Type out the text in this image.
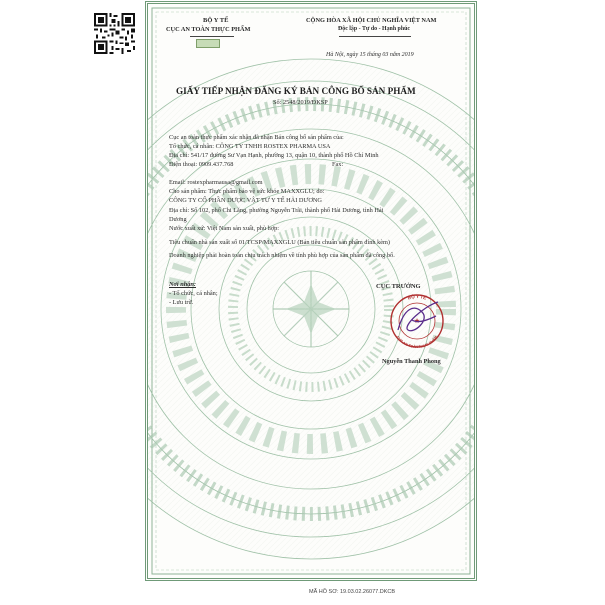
BỘ Y TẾ
CỤC AN TOÀN THỰC PHẨM
CỘNG HÒA XÃ HỘI CHỦ NGHĨA VIỆT NAM
Độc lập - Tự do - Hạnh phúc
Hà Nội, ngày 15 tháng 03 năm 2019
GIẤY TIẾP NHẬN ĐĂNG KÝ BẢN CÔNG BỐ SẢN PHẨM
Số: 2548/2019/ĐKSP
Cục an toàn thực phẩm xác nhận đã nhận Bản công bố sản phẩm của:
Tổ chức, cá nhân: CÔNG TY TNHH ROSTEX PHARMA USA
Địa chỉ: 541/17 đường Sư Vạn Hạnh, phường 13, quận 10, thành phố Hồ Chí Minh
Điện thoại: 0909.437.768	Fax:
Email: rostexpharmausa@gmail.com
Cho sản phẩm: Thực phẩm bảo vệ sức khỏe MAXXGLU; do:
CÔNG TY CỔ PHẦN DƯỢC VẬT TƯ Y TẾ HẢI DƯƠNG
Địa chỉ: Số 102, phố Chi Lăng, phường Nguyễn Trãi, thành phố Hải Dương, tỉnh Hải
Dương
Nước xuất xứ: Việt Nam sản xuất, phù hợp:
Tiêu chuẩn nhà sản xuất số 01/TCSP/MAXXGLU (Bản tiêu chuẩn sản phẩm đính kèm)
Doanh nghiệp phải hoàn toàn chịu trách nhiệm về tính phù hợp của sản phẩm đã công bố.
Nơi nhận:
- Tổ chức, cá nhân;
- Lưu trữ.
CỤC TRƯỞNG
BỘ Y TẾ
CỤC AN TOÀN THỰC PHẨM
★
Nguyễn Thanh Phong
MÃ HỒ SƠ: 19.03.02.26077.DKCB
